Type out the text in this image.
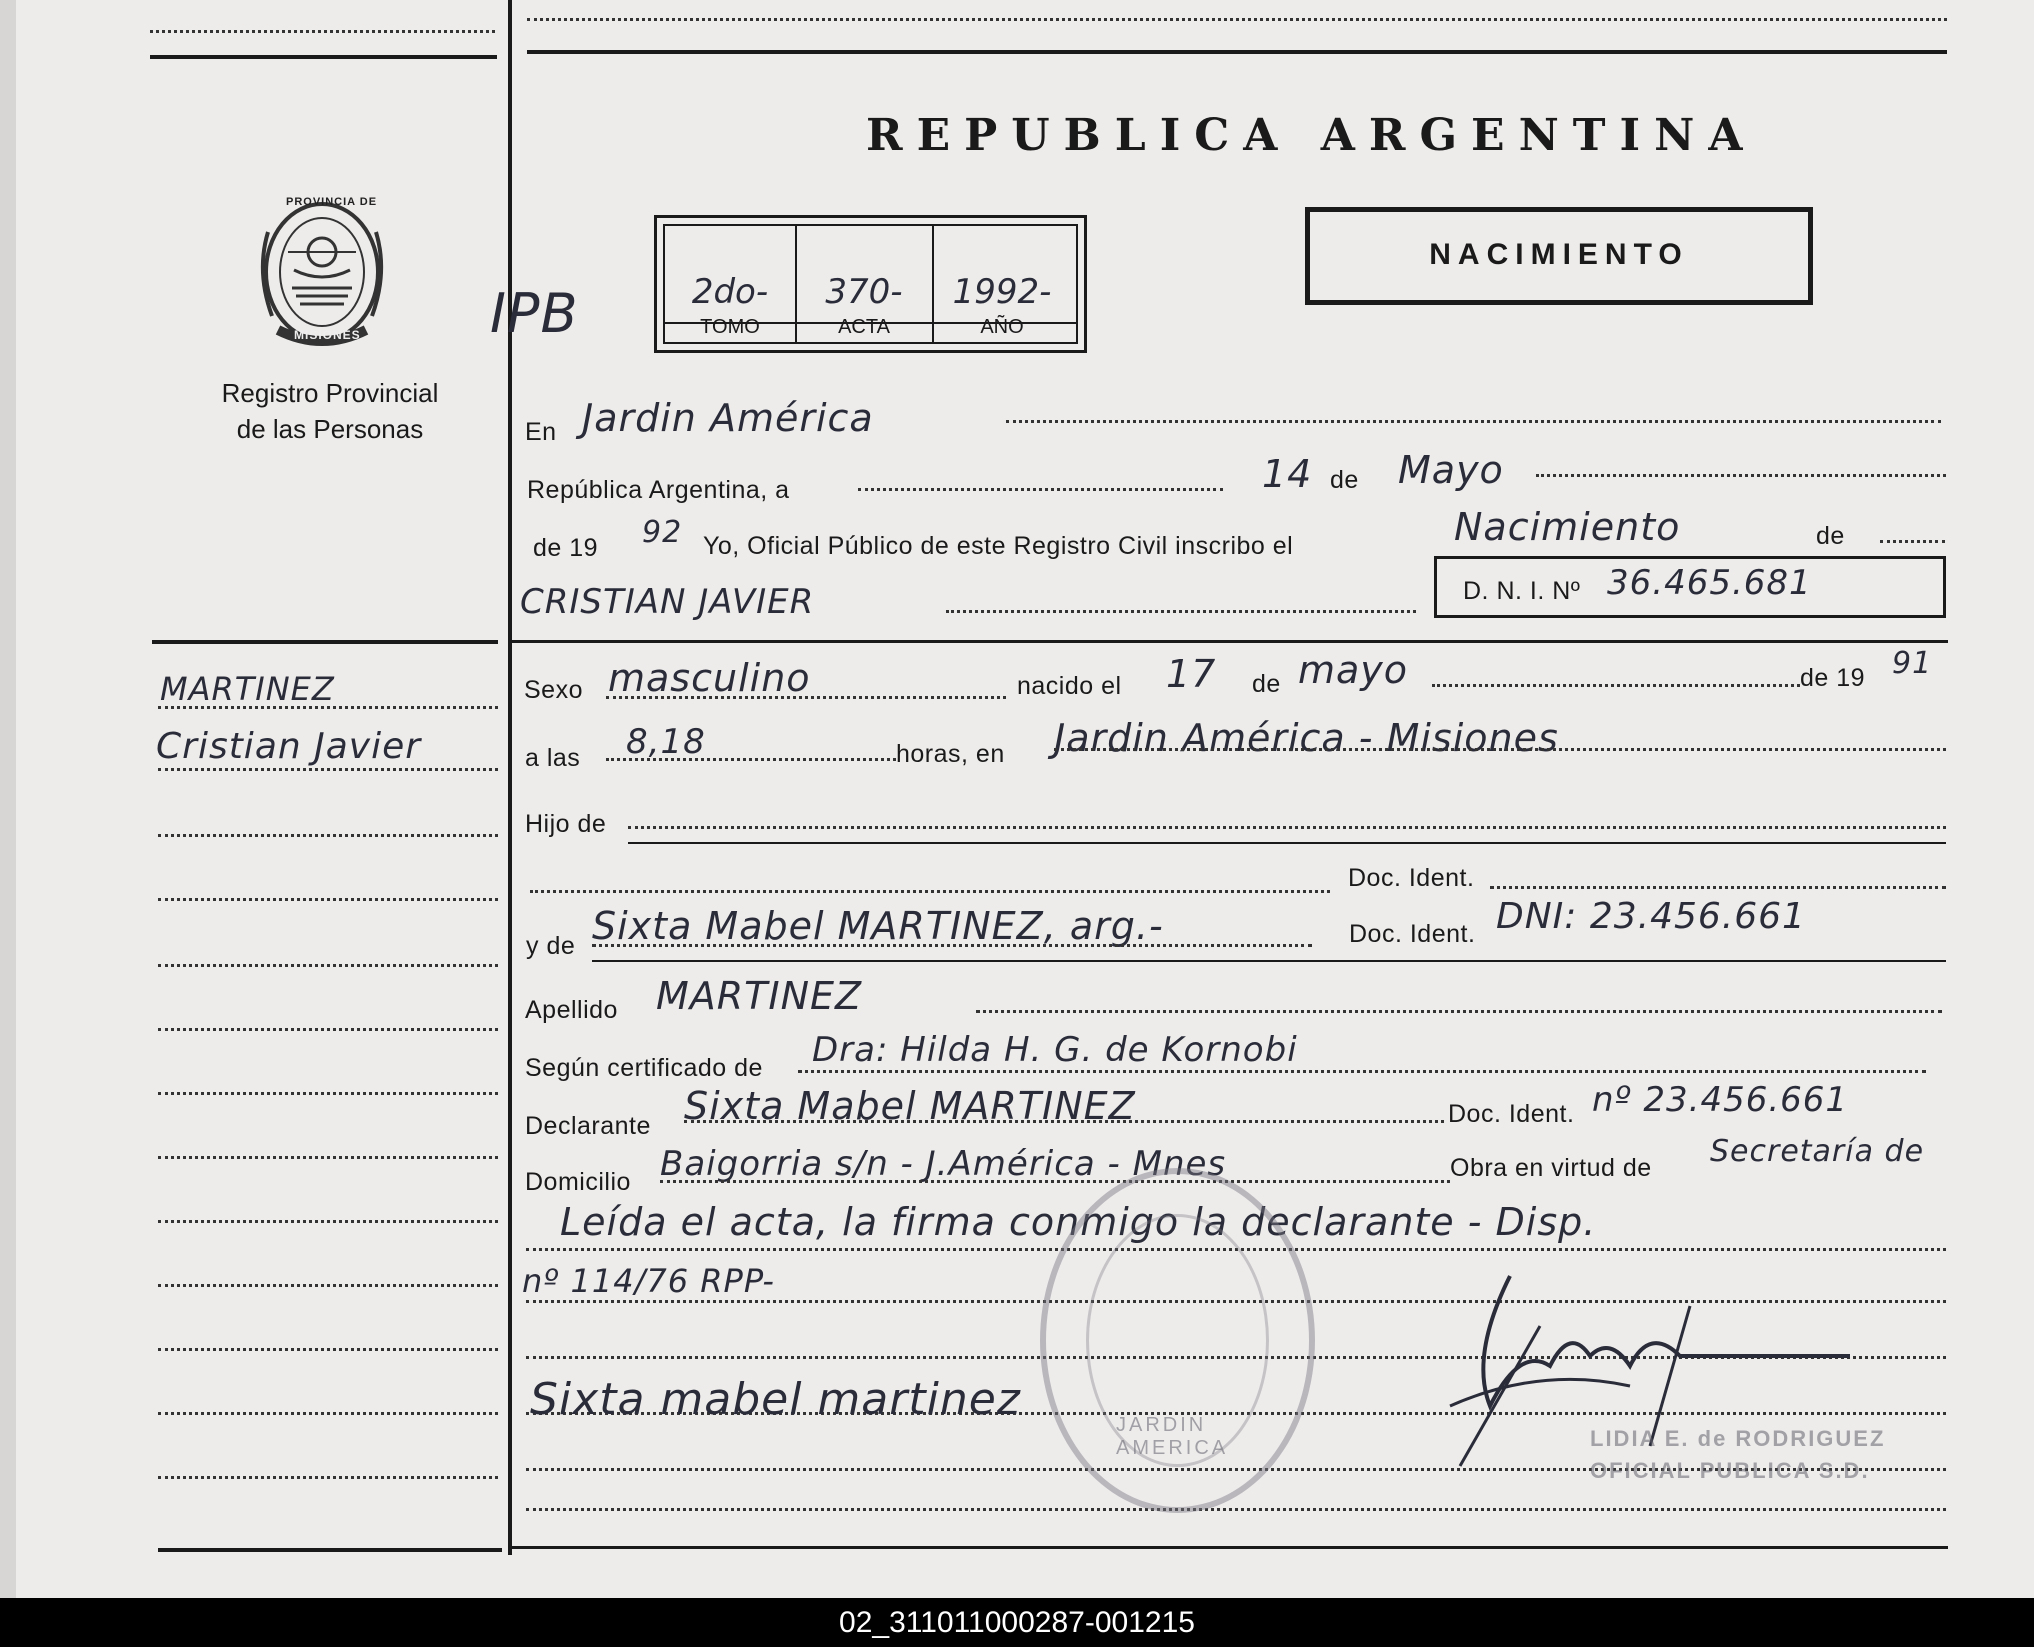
REPUBLICA ARGENTINA
PROVINCIA DE
MISIONES
Registro Provincial
de las Personas
2do-	370-	1992-
TOMO	ACTA	AÑO
IPB
NACIMIENTO
MARTINEZ
Cristian Javier
En Jardin América
República Argentina, a	14 de Mayo
de 19 92 Yo, Oficial Público de este Registro Civil inscribo el	Nacimiento	de
CRISTIAN JAVIER	D. N. I. Nº 36.465.681
Sexo masculino	nacido el 17 de mayo	de 19 91
a las 8,18	horas, en Jardin América - Misiones
Hijo de
Doc. Ident.
y de Sixta Mabel MARTINEZ, arg.-	Doc. Ident. DNI: 23.456.661
Apellido MARTINEZ
Según certificado de Dra: Hilda H. G. de Kornobi
Declarante Sixta Mabel MARTINEZ	Doc. Ident. nº 23.456.661
Domicilio Baigorria s/n - J.América - Mnes	Obra en virtud de Secretaría de
Leída el acta, la firma conmigo la declarante - Disp.
nº 114/76 RPP-
Sixta mabel martinez	JARDIN AMERICA	LIDIA E. de RODRIGUEZ
OFICIAL PUBLICA S.D.
02_311011000287-001215
